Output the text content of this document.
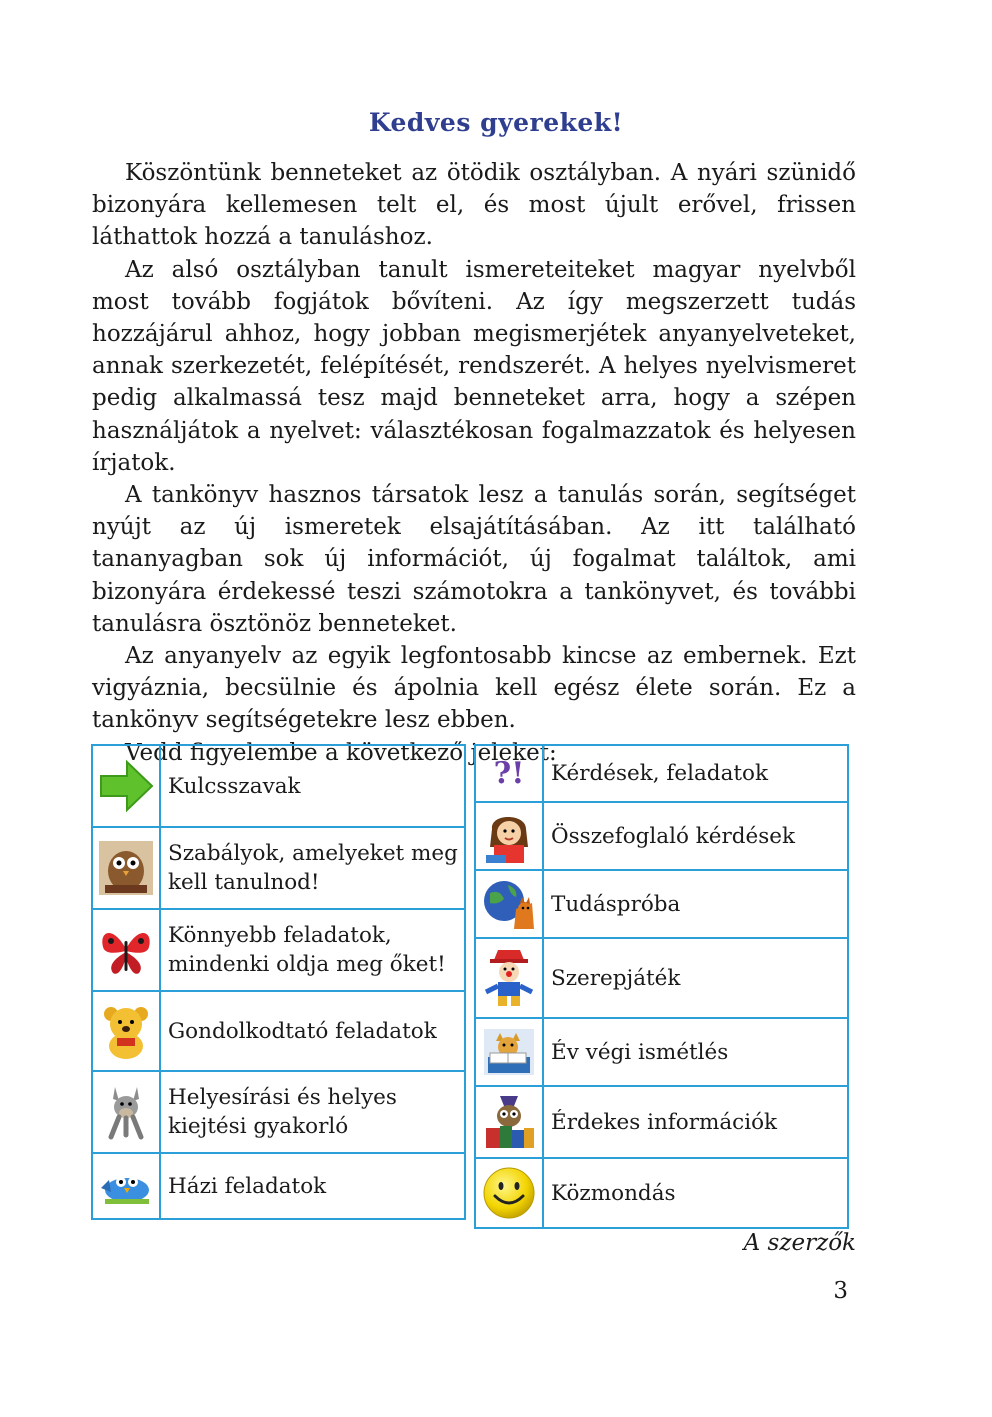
Kedves gyerekek!

Köszöntünk benneteket az ötödik osztályban. A nyári szünidő bizonyára kellemesen telt el, és most újult erővel, frissen láthattok hozzá a tanuláshoz.

Az alsó osztályban tanult ismereteiteket magyar nyelvből most tovább fogjátok bővíteni. Az így megszerzett tudás hozzájárul ahhoz, hogy jobban megismerjétek anyanyelveteket, annak szerkezetét, felépítését, rendszerét. A helyes nyelvismeret pedig alkalmassá tesz majd benneteket arra, hogy a szépen használjátok a nyelvet: választékosan fogalmazzatok és helyesen írjatok.

A tankönyv hasznos társatok lesz a tanulás során, segítséget nyújt az új ismeretek elsajátításában. Az itt található tananyagban sok új információt, új fogalmat találtok, ami bizonyára érdekessé teszi számotokra a tankönyvet, és további tanulásra ösztönöz benneteket.

Az anyanyelv az egyik legfontosabb kincse az embernek. Ezt vigyáznia, becsülnie és ápolnia kell egész élete során. Ez a tankönyv segítségetekre lesz ebben.

Vedd figyelembe a következő jeleket:

	Kulcsszavak

	Szabályok, amelyeket meg kell tanulnod!

	Könnyebb feladatok, mindenki oldja meg őket!

	Gondolkodtató feladatok

	Helyesírási és helyes kiejtési gyakorló

	Házi feladatok
?!	Kérdések, feladatok

	Összefoglaló kérdések

	Tudáspróba

	Szerepjáték

	Év végi ismétlés

	Érdekes információk

	Közmondás
A szerzők
3
